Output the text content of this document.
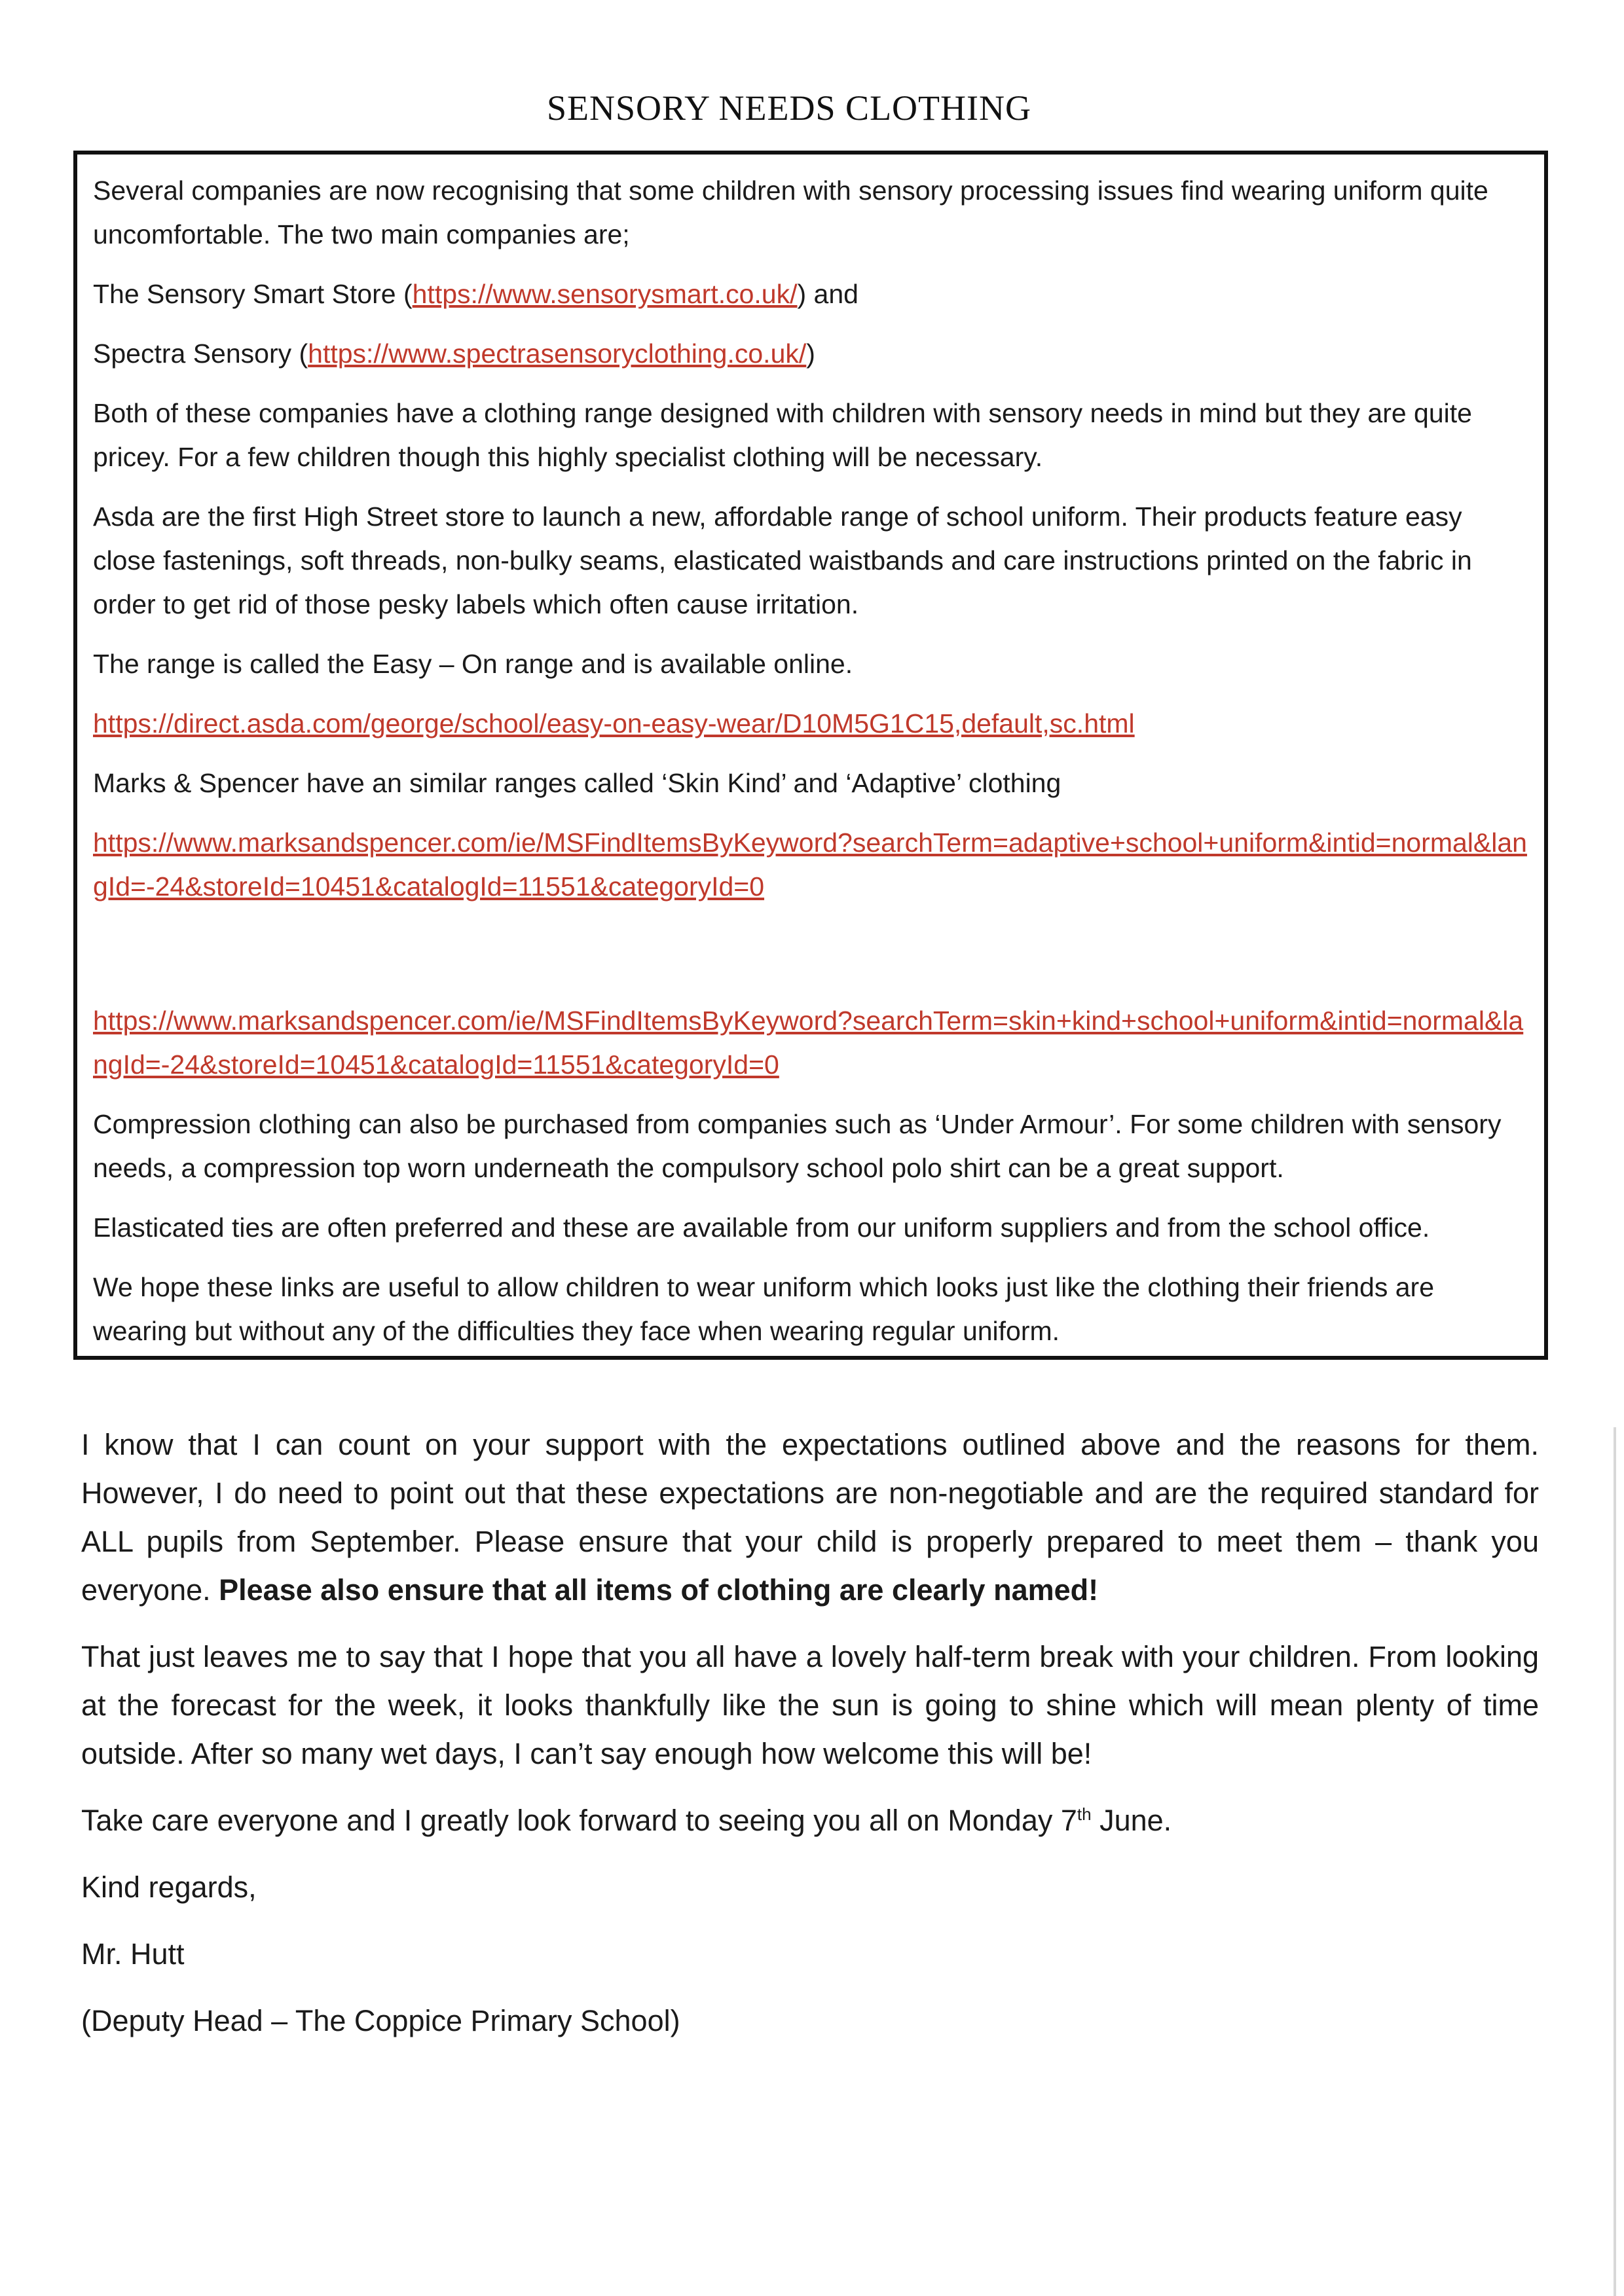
SENSORY NEEDS CLOTHING

Several companies are now recognising that some children with sensory processing issues find wearing uniform quite uncomfortable. The two main companies are;

The Sensory Smart Store (https://www.sensorysmart.co.uk/) and

Spectra Sensory (https://www.spectrasensoryclothing.co.uk/)

Both of these companies have a clothing range designed with children with sensory needs in mind but they are quite pricey. For a few children though this highly specialist clothing will be necessary.

Asda are the first High Street store to launch a new, affordable range of school uniform. Their products feature easy close fastenings, soft threads, non-bulky seams, elasticated waistbands and care instructions printed on the fabric in order to get rid of those pesky labels which often cause irritation.

The range is called the Easy – On range and is available online.

https://direct.asda.com/george/school/easy-on-easy-wear/D10M5G1C15,default,sc.html

Marks & Spencer have an similar ranges called ‘Skin Kind’ and ‘Adaptive’ clothing

https://www.marksandspencer.com/ie/MSFindItemsByKeyword?searchTerm=adaptive+school+uniform&intid=normal&langId=-24&storeId=10451&catalogId=11551&categoryId=0

https://www.marksandspencer.com/ie/MSFindItemsByKeyword?searchTerm=skin+kind+school+uniform&intid=normal&langId=-24&storeId=10451&catalogId=11551&categoryId=0

Compression clothing can also be purchased from companies such as ‘Under Armour’. For some children with sensory needs, a compression top worn underneath the compulsory school polo shirt can be a great support.

Elasticated ties are often preferred and these are available from our uniform suppliers and from the school office.

We hope these links are useful to allow children to wear uniform which looks just like the clothing their friends are wearing but without any of the difficulties they face when wearing regular uniform.

I know that I can count on your support with the expectations outlined above and the reasons for them. However, I do need to point out that these expectations are non-negotiable and are the required standard for ALL pupils from September. Please ensure that your child is properly prepared to meet them – thank you everyone. Please also ensure that all items of clothing are clearly named!

That just leaves me to say that I hope that you all have a lovely half-term break with your children. From looking at the forecast for the week, it looks thankfully like the sun is going to shine which will mean plenty of time outside. After so many wet days, I can’t say enough how welcome this will be!

Take care everyone and I greatly look forward to seeing you all on Monday 7th June.

Kind regards,

Mr. Hutt

(Deputy Head – The Coppice Primary School)
